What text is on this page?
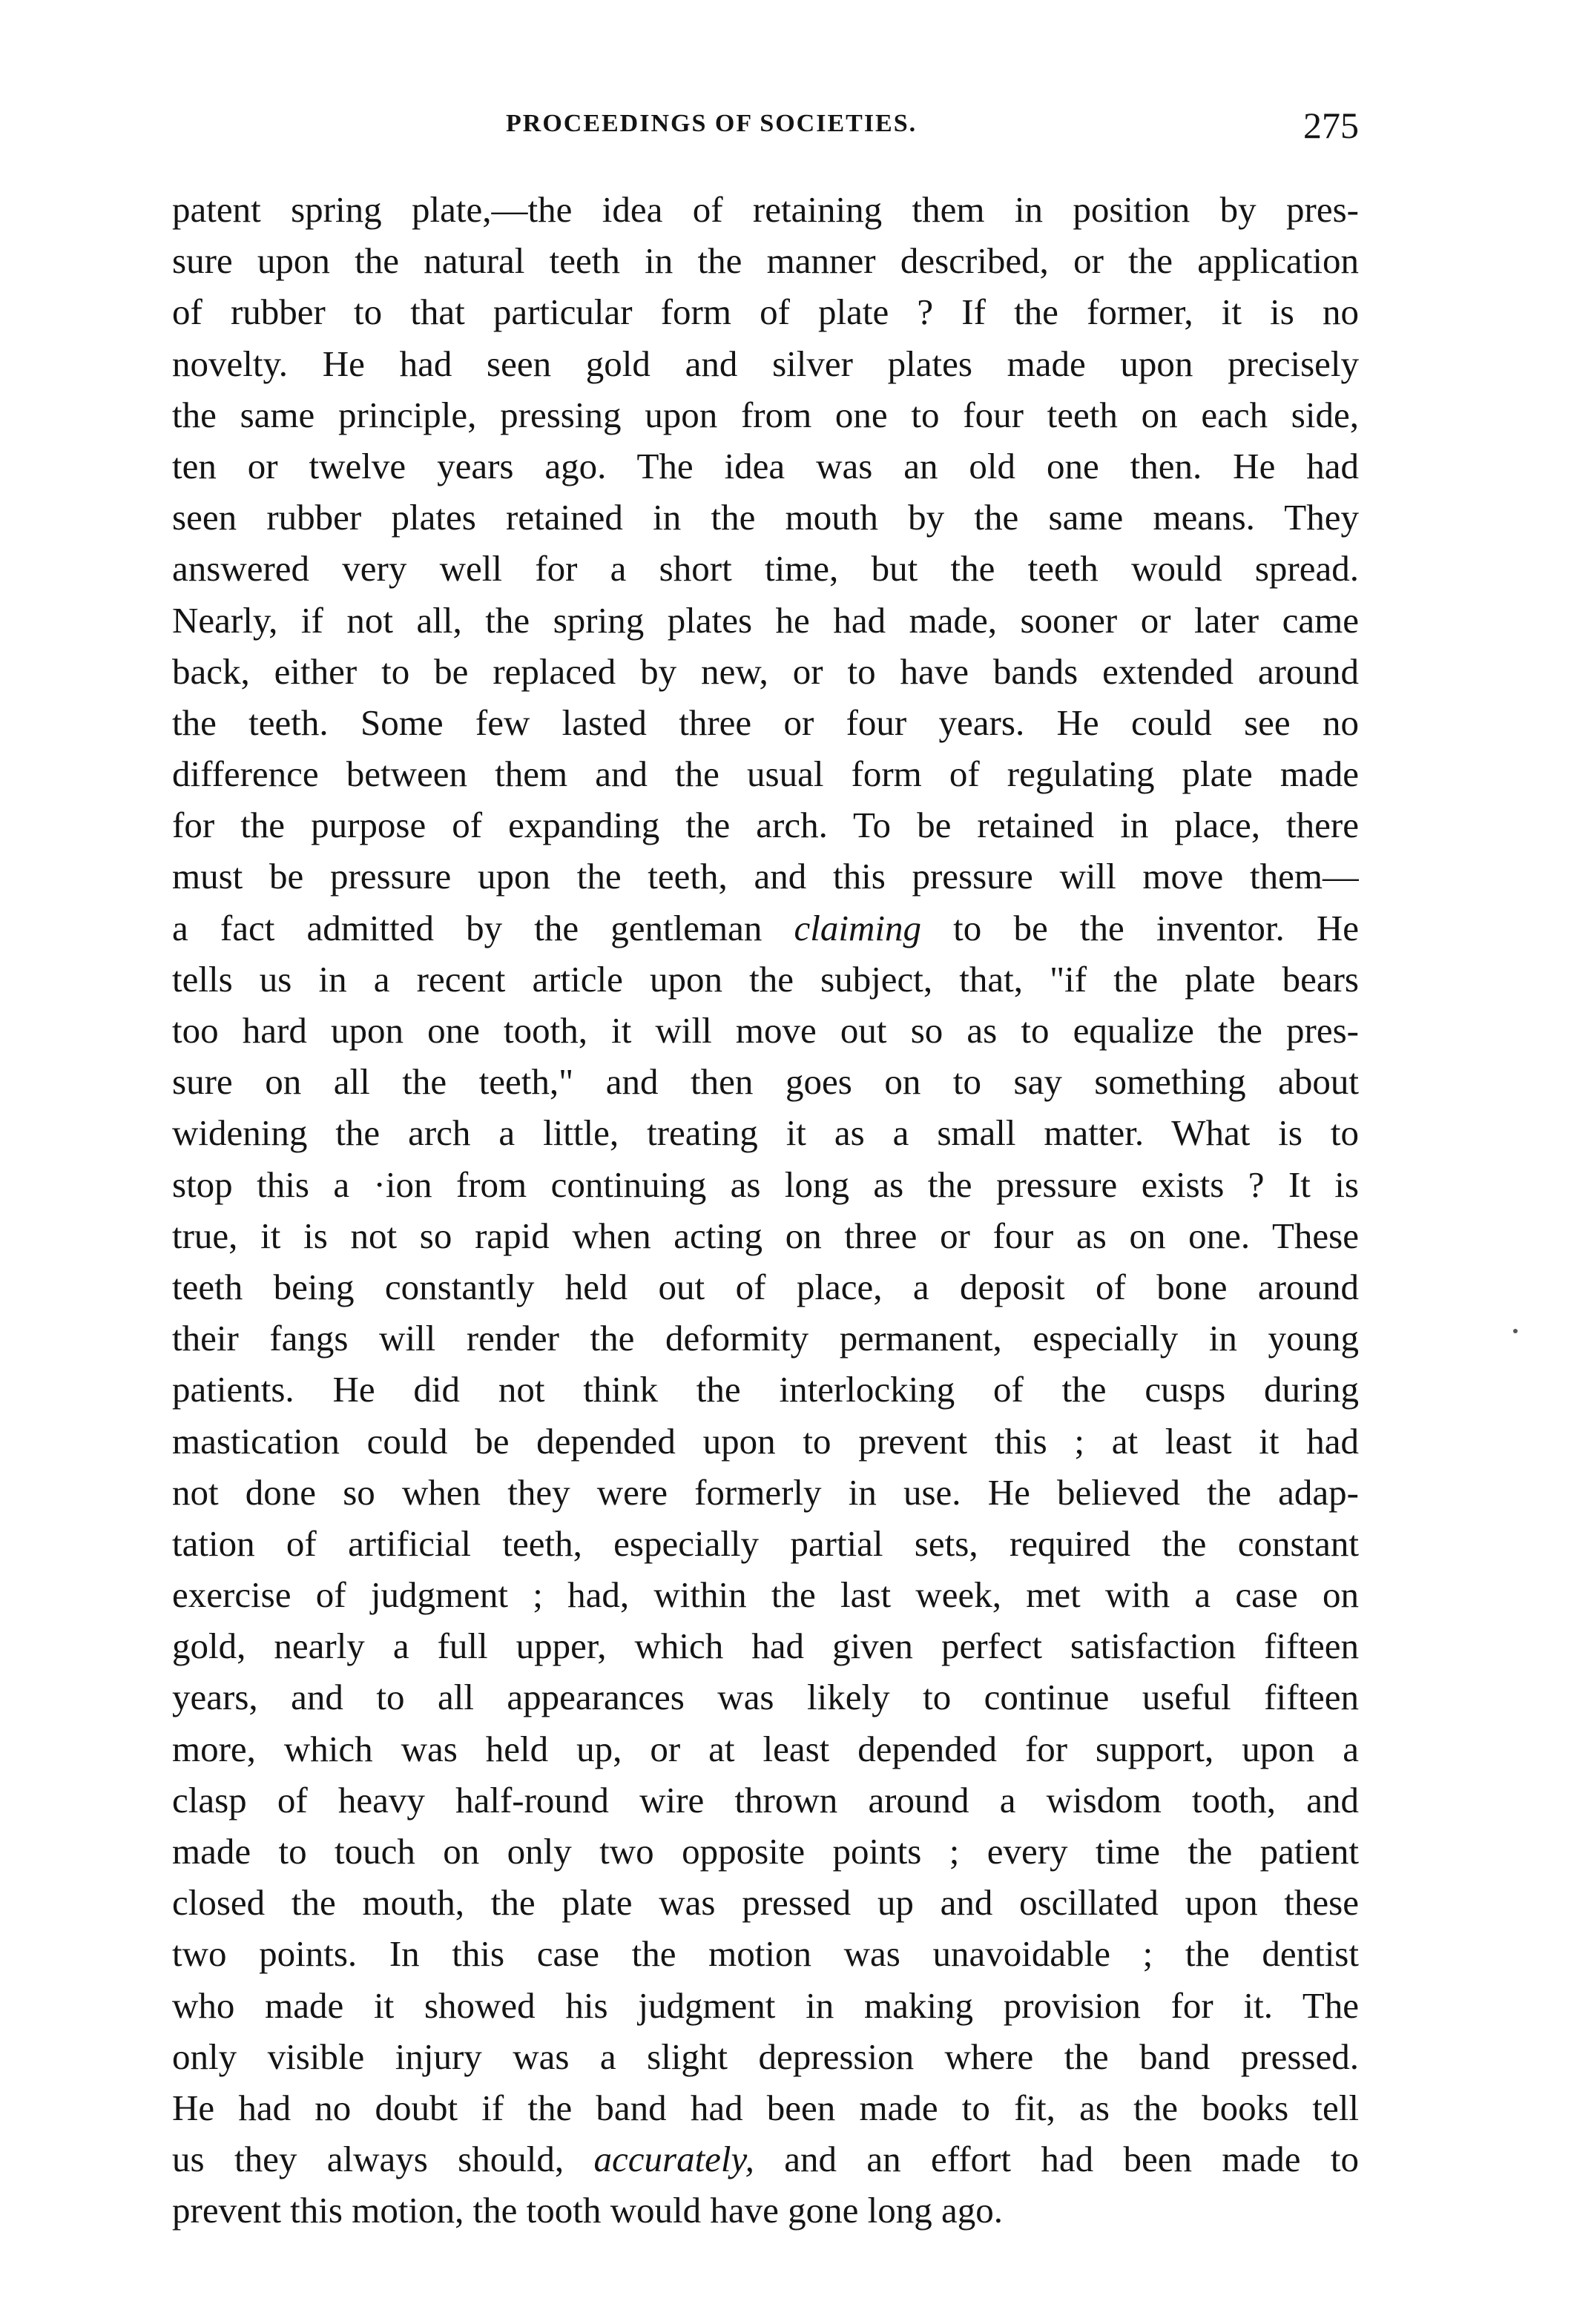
PROCEEDINGS OF SOCIETIES.	275
patent spring plate,—the idea of retaining them in position by pres-
sure upon the natural teeth in the manner described, or the application
of rubber to that particular form of plate ? If the former, it is no
novelty. He had seen gold and silver plates made upon precisely
the same principle, pressing upon from one to four teeth on each side,
ten or twelve years ago. The idea was an old one then. He had
seen rubber plates retained in the mouth by the same means. They
answered very well for a short time, but the teeth would spread.
Nearly, if not all, the spring plates he had made, sooner or later came
back, either to be replaced by new, or to have bands extended around
the teeth. Some few lasted three or four years. He could see no
difference between them and the usual form of regulating plate made
for the purpose of expanding the arch. To be retained in place, there
must be pressure upon the teeth, and this pressure will move them—
a fact admitted by the gentleman claiming to be the inventor. He
tells us in a recent article upon the subject, that, "if the plate bears
too hard upon one tooth, it will move out so as to equalize the pres-
sure on all the teeth," and then goes on to say something about
widening the arch a little, treating it as a small matter. What is to
stop this a ·ion from continuing as long as the pressure exists ? It is
true, it is not so rapid when acting on three or four as on one. These
teeth being constantly held out of place, a deposit of bone around
their fangs will render the deformity permanent, especially in young
patients. He did not think the interlocking of the cusps during
mastication could be depended upon to prevent this ; at least it had
not done so when they were formerly in use. He believed the adap-
tation of artificial teeth, especially partial sets, required the constant
exercise of judgment ; had, within the last week, met with a case on
gold, nearly a full upper, which had given perfect satisfaction fifteen
years, and to all appearances was likely to continue useful fifteen
more, which was held up, or at least depended for support, upon a
clasp of heavy half-round wire thrown around a wisdom tooth, and
made to touch on only two opposite points ; every time the patient
closed the mouth, the plate was pressed up and oscillated upon these
two points. In this case the motion was unavoidable ; the dentist
who made it showed his judgment in making provision for it. The
only visible injury was a slight depression where the band pressed.
He had no doubt if the band had been made to fit, as the books tell
us they always should, accurately, and an effort had been made to
prevent this motion, the tooth would have gone long ago.
